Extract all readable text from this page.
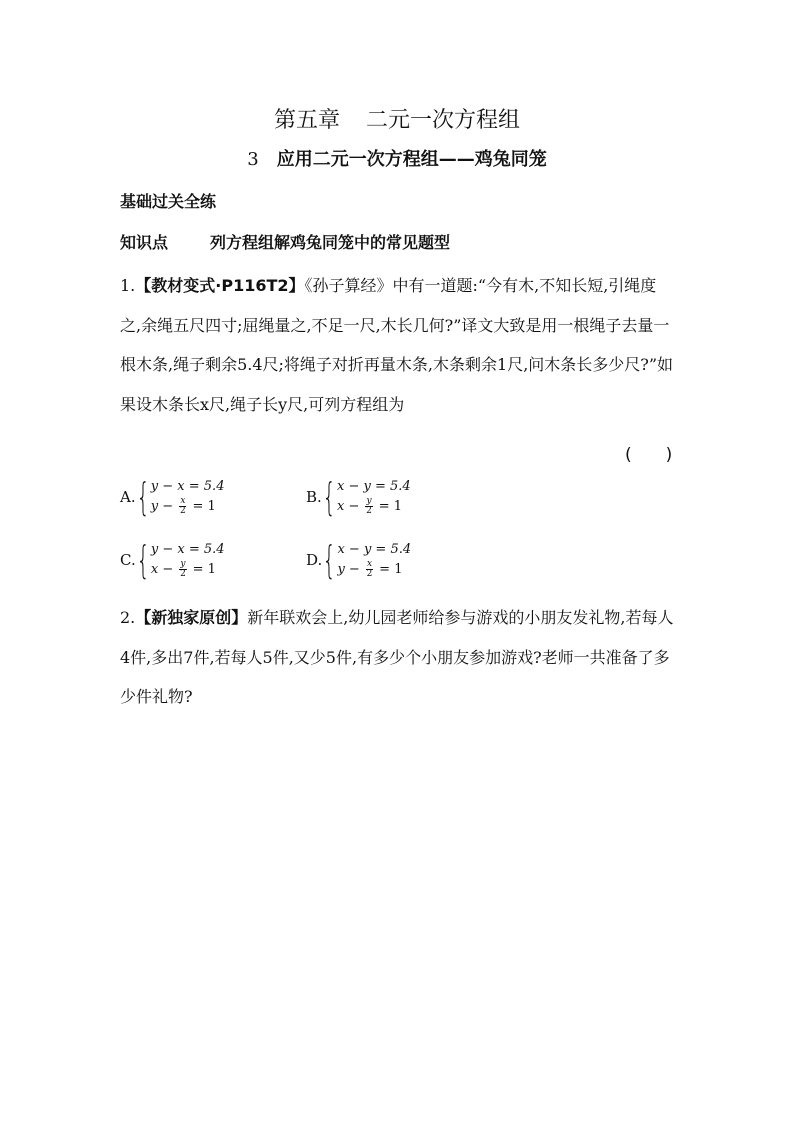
第五章 二元一次方程组
3 应用二元一次方程组——鸡兔同笼
基础过关全练
知识点	列方程组解鸡兔同笼中的常见题型
1.【教材变式·P116T2】《孙子算经》中有一道题:“今有木,不知长短,引绳度之,余绳五尺四寸;屈绳量之,不足一尺,木长几何?”译文大致是用一根绳子去量一根木条,绳子剩余5.4尺;将绳子对折再量木条,木条剩余1尺,问木条长多少尺?”如果设木条长x尺,绳子长y尺,可列方程组为
(　　)
A. { y − x = 5.4
$y - \frac{x}{2} = 1$
B. { x − y = 5.4
$x - \frac{y}{2} = 1$
C. { y − x = 5.4
$x - \frac{y}{2} = 1$
D. { x − y = 5.4
$y - \frac{x}{2} = 1$
2.【新独家原创】新年联欢会上,幼儿园老师给参与游戏的小朋友发礼物,若每人4件,多出7件,若每人5件,又少5件,有多少个小朋友参加游戏?老师一共准备了多少件礼物?
